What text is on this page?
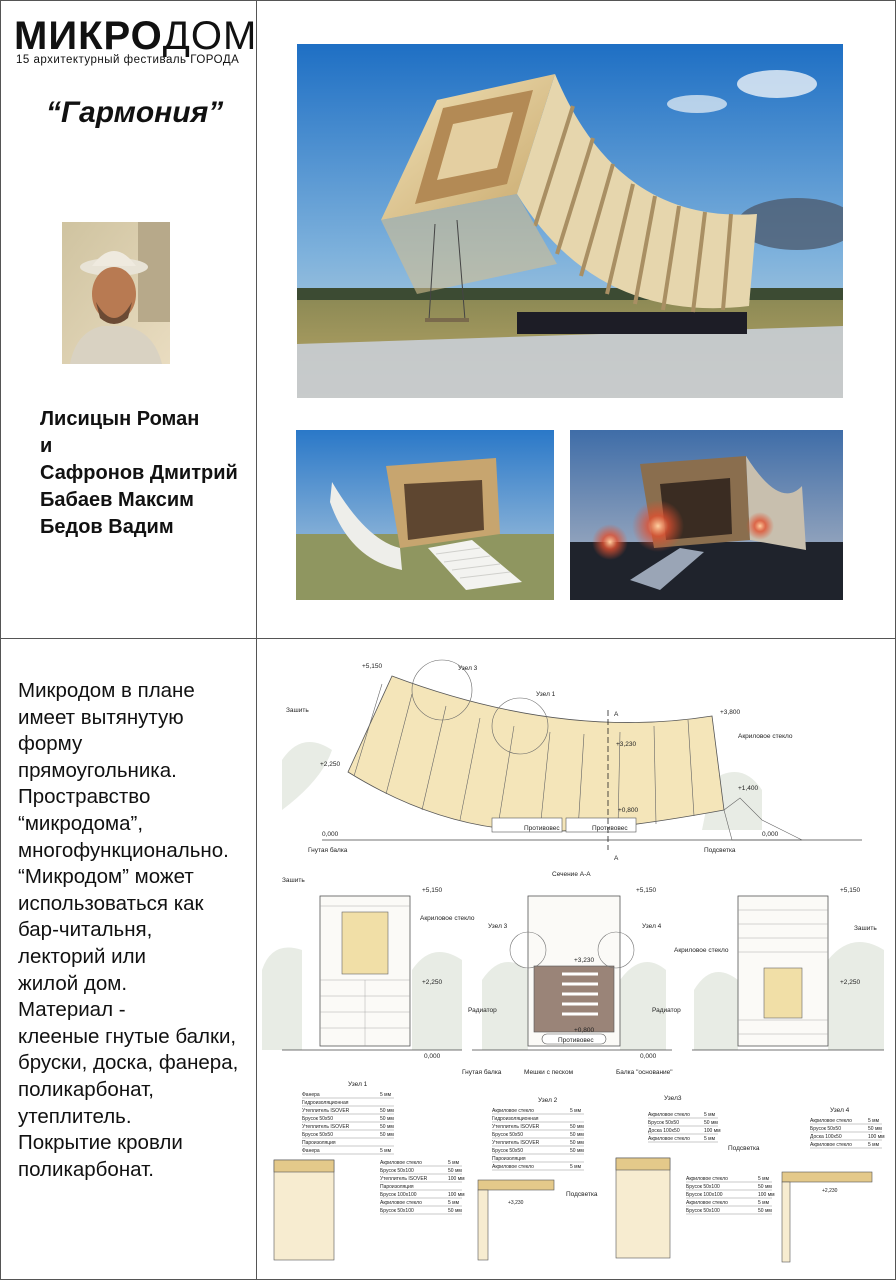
МИКРОДОМ
15 архитектурный фестиваль ГОРОДА
“Гармония”
Лисицын Роман
и
Сафронов Дмитрий
Бабаев Максим
Бедов Вадим
Микродом в плане
имеет вытянутую
форму
прямоугольника.
Прострaвство
“микродома”,
многофункционально.
“Микродом” может
использоваться как
бар-читальня,
лекторий или
жилой дом.
Материал -
клееные гнутые балки,
бруски, доска, фанера,
поликарбонат,
утеплитель.
Покрытие кровли
поликарбонат.
+5,150	Узел 3
Узел 1
Зашить
А	+3,800
+3,230
Акриловое стекло
+2,250
+1,400
+0,800
Противовес	Противовес
0,000	0,000
Гнутая балка	Подсветка
А
Сечение А-А
Зашить
+5,150
Акриловое стекло
+2,250
0,000
+5,150
Узел 3	Узел 4
+3,230
Радиатор	Радиатор
+0,800
Противовес
0,000
Гнутая балка	Мешки с песком	Балка "основание"
+5,150
Зашить
Акриловое стекло
+2,250
Узел 1
Фанера	5 мм
Гидроизоляционная
Утеплитель ISOVER	50 мм
Брусок 50x50	50 мм
Утеплитель ISOVER	50 мм
Брусок 50x50	50 мм
Пароизоляция
Фанера	5 мм
Акриловое стекло	5 мм
Брусок 50x100	50 мм
Утеплитель ISOVER	100 мм
Пароизоляция
Брусок 100x100	100 мм
Акриловое стекло	5 мм
Брусок 50x100	50 мм
Узел 2
Акриловое стекло	5 мм
Гидроизоляционная
Утеплитель ISOVER	50 мм
Брусок 50x50	50 мм
Утеплитель ISOVER	50 мм
Брусок 50x50	50 мм
Пароизоляция
Акриловое стекло	5 мм
+3,230
Подсветка
Узел3
Акриловое стекло	5 мм
Брусок 50x50	50 мм
Доска 100x50	100 мм
Акриловое стекло	5 мм
Акриловое стекло	5 мм
Брусок 50x100	50 мм
Брусок 100x100	100 мм
Акриловое стекло	5 мм
Брусок 50x100	50 мм
Узел 4
Акриловое стекло	5 мм
Брусок 50x50	50 мм
Доска 100x50	100 мм
Акриловое стекло	5 мм
Подсветка
+2,230
